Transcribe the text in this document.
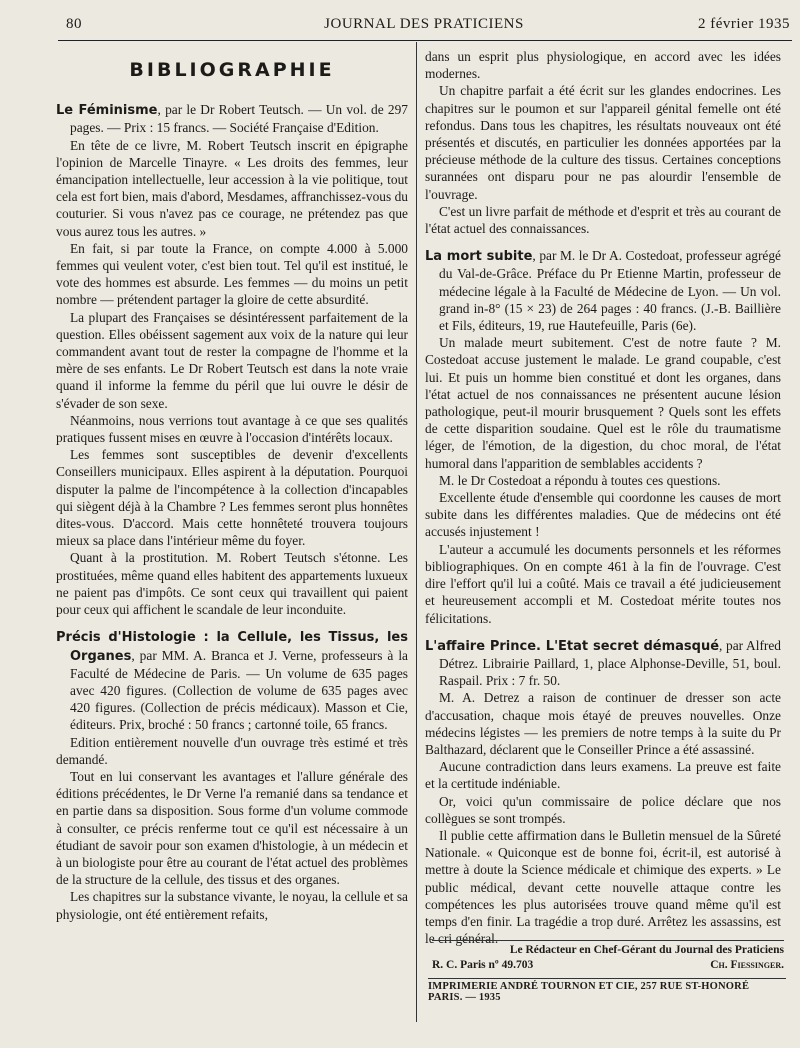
80	JOURNAL DES PRATICIENS	2 février 1935
BIBLIOGRAPHIE

Le Féminisme, par le Dr Robert Teutsch. — Un vol. de 297 pages. — Prix : 15 francs. — Société Française d'Edition.

En tête de ce livre, M. Robert Teutsch inscrit en épigraphe l'opinion de Marcelle Tinayre. « Les droits des femmes, leur émancipation intellectuelle, leur accession à la vie politique, tout cela est fort bien, mais d'abord, Mesdames, affranchissez-vous du couturier. Si vous n'avez pas ce courage, ne prétendez pas que vous aurez tous les autres. »

En fait, si par toute la France, on compte 4.000 à 5.000 femmes qui veulent voter, c'est bien tout. Tel qu'il est institué, le vote des hommes est absurde. Les femmes — du moins un petit nombre — prétendent partager la gloire de cette absurdité.

La plupart des Françaises se désintéressent parfaitement de la question. Elles obéissent sagement aux voix de la nature qui leur commandent avant tout de rester la compagne de l'homme et la mère de ses enfants. Le Dr Robert Teutsch est dans la note vraie quand il informe la femme du péril que lui ouvre le désir de s'évader de son sexe.

Néanmoins, nous verrions tout avantage à ce que ses qualités pratiques fussent mises en œuvre à l'occasion d'intérêts locaux.

Les femmes sont susceptibles de devenir d'excellents Conseillers municipaux. Elles aspirent à la députation. Pourquoi disputer la palme de l'incompétence à la collection d'incapables qui siègent déjà à la Chambre ? Les femmes seront plus honnêtes dites-vous. D'accord. Mais cette honnêteté trouvera toujours mieux sa place dans l'intérieur même du foyer.

Quant à la prostitution. M. Robert Teutsch s'étonne. Les prostituées, même quand elles habitent des appartements luxueux ne paient pas d'impôts. Ce sont ceux qui travaillent qui paient pour ceux qui affichent le scandale de leur inconduite.

Précis d'Histologie : la Cellule, les Tissus, les Organes, par MM. A. Branca et J. Verne, professeurs à la Faculté de Médecine de Paris. — Un volume de 635 pages avec 420 figures. (Collection de volume de 635 pages avec 420 figures. (Collection de précis médicaux). Masson et Cie, éditeurs. Prix, broché : 50 francs ; cartonné toile, 65 francs.

Edition entièrement nouvelle d'un ouvrage très estimé et très demandé.

Tout en lui conservant les avantages et l'allure générale des éditions précédentes, le Dr Verne l'a remanié dans sa tendance et en partie dans sa disposition. Sous forme d'un volume commode à consulter, ce précis renferme tout ce qu'il est nécessaire à un étudiant de savoir pour son examen d'histologie, à un médecin et à un biologiste pour être au courant de l'état actuel des problèmes de la structure de la cellule, des tissus et des organes.

Les chapitres sur la substance vivante, le noyau, la cellule et sa physiologie, ont été entièrement refaits,

dans un esprit plus physiologique, en accord avec les idées modernes.

Un chapitre parfait a été écrit sur les glandes endocrines. Les chapitres sur le poumon et sur l'appareil génital femelle ont été refondus. Dans tous les chapitres, les résultats nouveaux ont été présentés et discutés, en particulier les données apportées par la précieuse méthode de la culture des tissus. Certaines conceptions surannées ont disparu pour ne pas alourdir l'ensemble de l'ouvrage.

C'est un livre parfait de méthode et d'esprit et très au courant de l'état actuel des connaissances.

La mort subite, par M. le Dr A. Costedoat, professeur agrégé du Val-de-Grâce. Préface du Pr Etienne Martin, professeur de médecine légale à la Faculté de Médecine de Lyon. — Un vol. grand in-8° (15 × 23) de 264 pages : 40 francs. (J.-B. Baillière et Fils, éditeurs, 19, rue Hautefeuille, Paris (6e).

Un malade meurt subitement. C'est de notre faute ? M. Costedoat accuse justement le malade. Le grand coupable, c'est lui. Et puis un homme bien constitué et dont les organes, dans l'état actuel de nos connaissances ne présentent aucune lésion pathologique, peut-il mourir brusquement ? Quels sont les effets de cette disparition soudaine. Quel est le rôle du traumatisme léger, de l'émotion, de la digestion, du choc moral, de l'état humoral dans l'apparition de semblables accidents ?

M. le Dr Costedoat a répondu à toutes ces questions.

Excellente étude d'ensemble qui coordonne les causes de mort subite dans les différentes maladies. Que de médecins ont été accusés injustement !

L'auteur a accumulé les documents personnels et les réformes bibliographiques. On en compte 461 à la fin de l'ouvrage. C'est dire l'effort qu'il lui a coûté. Mais ce travail a été judicieusement et heureusement accompli et M. Costedoat mérite toutes nos félicitations.

L'affaire Prince. L'Etat secret démasqué, par Alfred Détrez. Librairie Paillard, 1, place Alphonse-Deville, 51, boul. Raspail. Prix : 7 fr. 50.

M. A. Detrez a raison de continuer de dresser son acte d'accusation, chaque mois étayé de preuves nouvelles. Onze médecins légistes — les premiers de notre temps à la suite du Pr Balthazard, déclarent que le Conseiller Prince a été assassiné.

Aucune contradiction dans leurs examens. La preuve est faite et la certitude indéniable.

Or, voici qu'un commissaire de police déclare que nos collègues se sont trompés.

Il publie cette affirmation dans le Bulletin mensuel de la Sûreté Nationale. « Quiconque est de bonne foi, écrit-il, est autorisé à mettre à doute la Science médicale et chimique des experts. » Le public médical, devant cette nouvelle attaque contre les compétences les plus autorisées trouve quand même qu'il est temps d'en finir. La tragédie a trop duré. Arrêtez les assassins, est le cri général.

Le Rédacteur en Chef-Gérant du Journal des Praticiens
R. C. Paris nº 49.703	Ch. Fiessinger.
IMPRIMERIE ANDRÉ TOURNON ET CIE, 257 RUE ST-HONORÉ PARIS. — 1935
